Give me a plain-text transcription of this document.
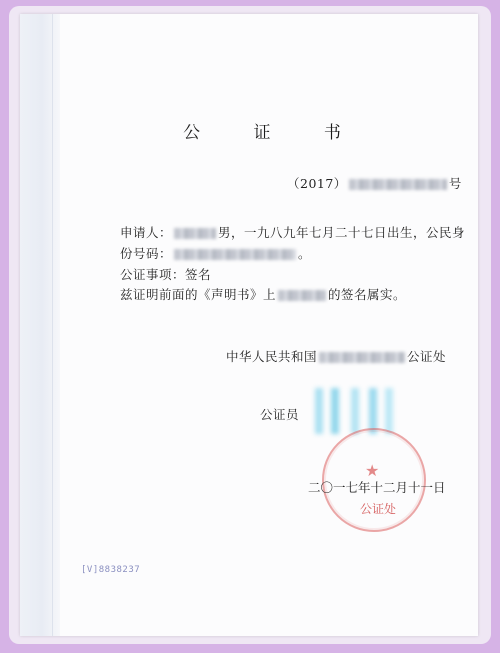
公 证 书
（2017）	号
申请人：	男，一九八九年七月二十七日出生，公民身
份号码：	。
公证事项：签名
兹证明前面的《声明书》上	的签名属实。
中华人民共和国	公证处
公证员
★
公证处
二〇一七年十二月十一日
[V]8838237
